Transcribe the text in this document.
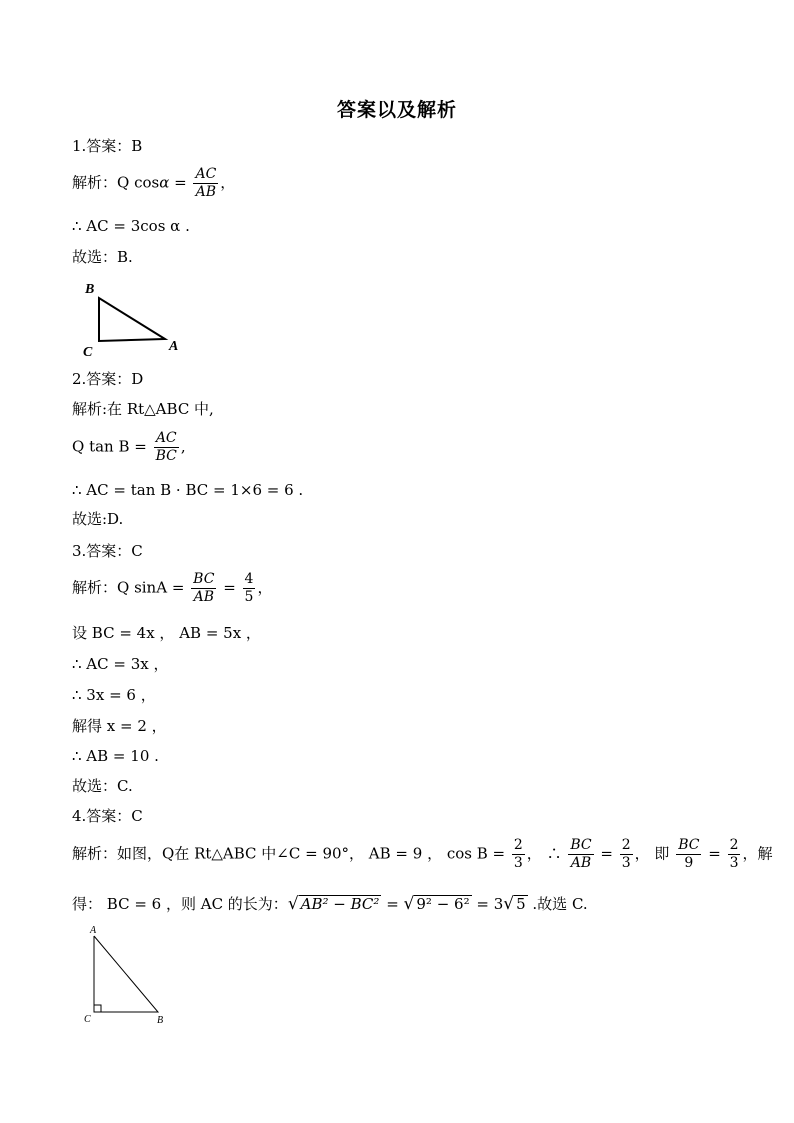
答案以及解析
1.答案：B
解析：Q $\cos\alpha = \frac{AC}{AB}$ ，
∴ AC = 3cos α .
故选：B.
B
C	A
2.答案：D
解析:在 Rt△ABC 中,
Q $\tan B = \frac{AC}{BC}$ ,
∴ AC = tan B · BC = 1×6 = 6 .
故选:D.
3.答案：C
解析：Q $\sin A = \frac{BC}{AB} = \frac{4}{5}$ ，
设 BC = 4x ， AB = 5x ，
∴ AC = 3x ，
∴ 3x = 6 ，
解得 x = 2 ，
∴ AB = 10 .
故选：C.
4.答案：C
解析：如图，Q在 Rt△ABC 中∠C = 90°， AB = 9 ， $\cos B = \frac{2}{3}$ ， ∴ $\frac{BC}{AB} = \frac{2}{3}$ ， 即 $\frac{BC}{9} = \frac{2}{3}$ ，解
得： BC = 6 ，则 AC 的长为：√ AB² − BC² = √ 9² − 6² = 3√ 5 .故选 C.
A
C	B
